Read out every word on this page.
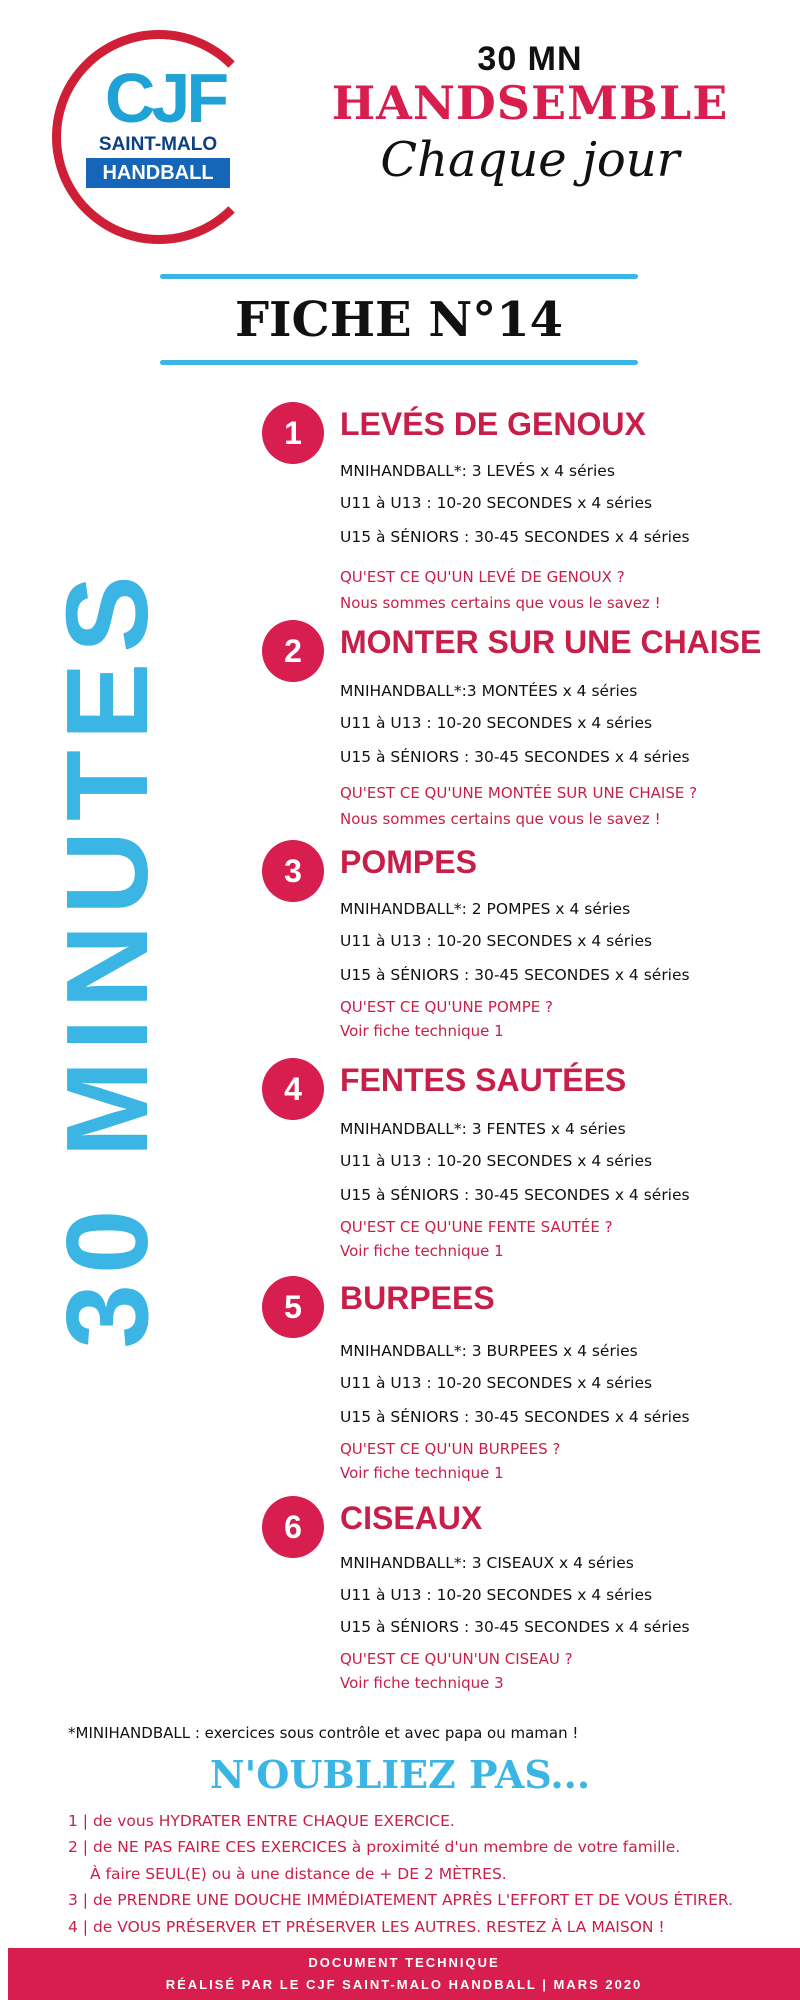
CJF
SAINT-MALO
HANDBALL
30 MN
HANDSEMBLE
Chaque jour
FICHE N°14
30 MINUTES
1	LEVÉS DE GENOUX
MNIHANDBALL*: 3 LEVÉS x 4 séries
U11 à U13 : 10-20 SECONDES x 4 séries
U15 à SÉNIORS : 30-45 SECONDES x 4 séries
QU'EST CE QU'UN LEVÉ DE GENOUX ?
Nous sommes certains que vous le savez !
2	MONTER SUR UNE CHAISE
MNIHANDBALL*:3 MONTÉES x 4 séries
U11 à U13 : 10-20 SECONDES x 4 séries
U15 à SÉNIORS : 30-45 SECONDES x 4 séries
QU'EST CE QU'UNE MONTÉE SUR UNE CHAISE ?
Nous sommes certains que vous le savez !
3	POMPES
MNIHANDBALL*: 2 POMPES x 4 séries
U11 à U13 : 10-20 SECONDES x 4 séries
U15 à SÉNIORS : 30-45 SECONDES x 4 séries
QU'EST CE QU'UNE POMPE ?
Voir fiche technique 1
4	FENTES SAUTÉES
MNIHANDBALL*: 3 FENTES x 4 séries
U11 à U13 : 10-20 SECONDES x 4 séries
U15 à SÉNIORS : 30-45 SECONDES x 4 séries
QU'EST CE QU'UNE FENTE SAUTÉE ?
Voir fiche technique 1
5	BURPEES
MNIHANDBALL*: 3 BURPEES x 4 séries
U11 à U13 : 10-20 SECONDES x 4 séries
U15 à SÉNIORS : 30-45 SECONDES x 4 séries
QU'EST CE QU'UN BURPEES ?
Voir fiche technique 1
6	CISEAUX
MNIHANDBALL*: 3 CISEAUX x 4 séries
U11 à U13 : 10-20 SECONDES x 4 séries
U15 à SÉNIORS : 30-45 SECONDES x 4 séries
QU'EST CE QU'UN'UN CISEAU ?
Voir fiche technique 3
*MINIHANDBALL : exercices sous contrôle et avec papa ou maman !
N'OUBLIEZ PAS...
1 | de vous HYDRATER ENTRE CHAQUE EXERCICE.
2 | de NE PAS FAIRE CES EXERCICES à proximité d'un membre de votre famille.
À faire SEUL(E) ou à une distance de + DE 2 MÈTRES.
3 | de PRENDRE UNE DOUCHE IMMÉDIATEMENT APRÈS L'EFFORT ET DE VOUS ÉTIRER.
4 | de VOUS PRÉSERVER ET PRÉSERVER LES AUTRES. RESTEZ À LA MAISON !
DOCUMENT TECHNIQUE
RÉALISÉ PAR LE CJF SAINT-MALO HANDBALL | MARS 2020
